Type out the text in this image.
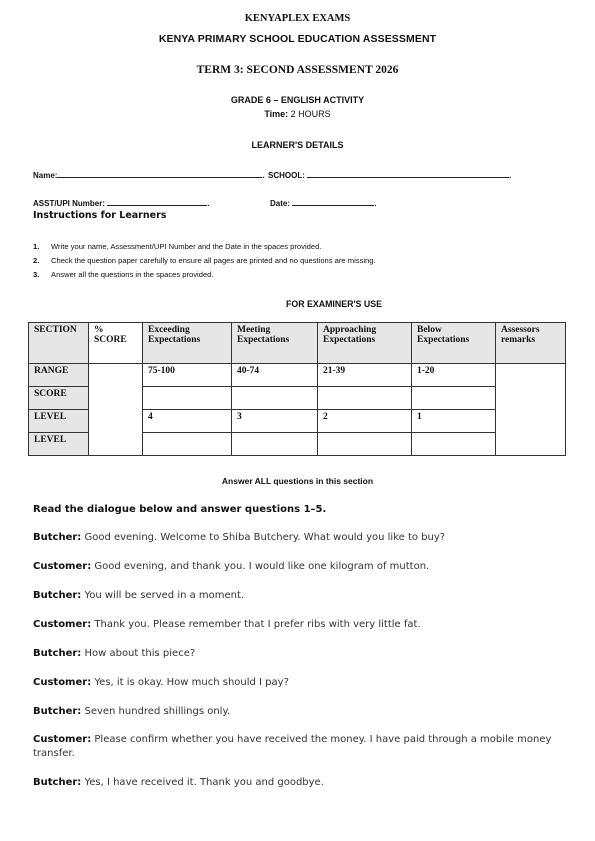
KENYAPLEX EXAMS
KENYA PRIMARY SCHOOL EDUCATION ASSESSMENT
TERM 3: SECOND ASSESSMENT 2026
GRADE 6 – ENGLISH ACTIVITY
Time: 2 HOURS
LEARNER'S DETAILS
Name:	. SCHOOL:	.
ASST/UPI Number:	.	Date:	.
Instructions for Learners
1. Write your name, Assessment/UPI Number and the Date in the spaces provided.
2. Check the question paper carefully to ensure all pages are printed and no questions are missing.
3. Answer all the questions in the spaces provided.
FOR EXAMINER'S USE
SECTION	% SCORE	Exceeding Expectations	Meeting Expectations	Approaching Expectations	Below Expectations	Assessors remarks
RANGE		75-100	40-74	21-39	1-20	
SCORE						
LEVEL		4	3	2	1	
LEVEL						
Answer ALL questions in this section
Read the dialogue below and answer questions 1–5.
Butcher: Good evening. Welcome to Shiba Butchery. What would you like to buy?
Customer: Good evening, and thank you. I would like one kilogram of mutton.
Butcher: You will be served in a moment.
Customer: Thank you. Please remember that I prefer ribs with very little fat.
Butcher: How about this piece?
Customer: Yes, it is okay. How much should I pay?
Butcher: Seven hundred shillings only.
Customer: Please confirm whether you have received the money. I have paid through a mobile money transfer.
Butcher: Yes, I have received it. Thank you and goodbye.
